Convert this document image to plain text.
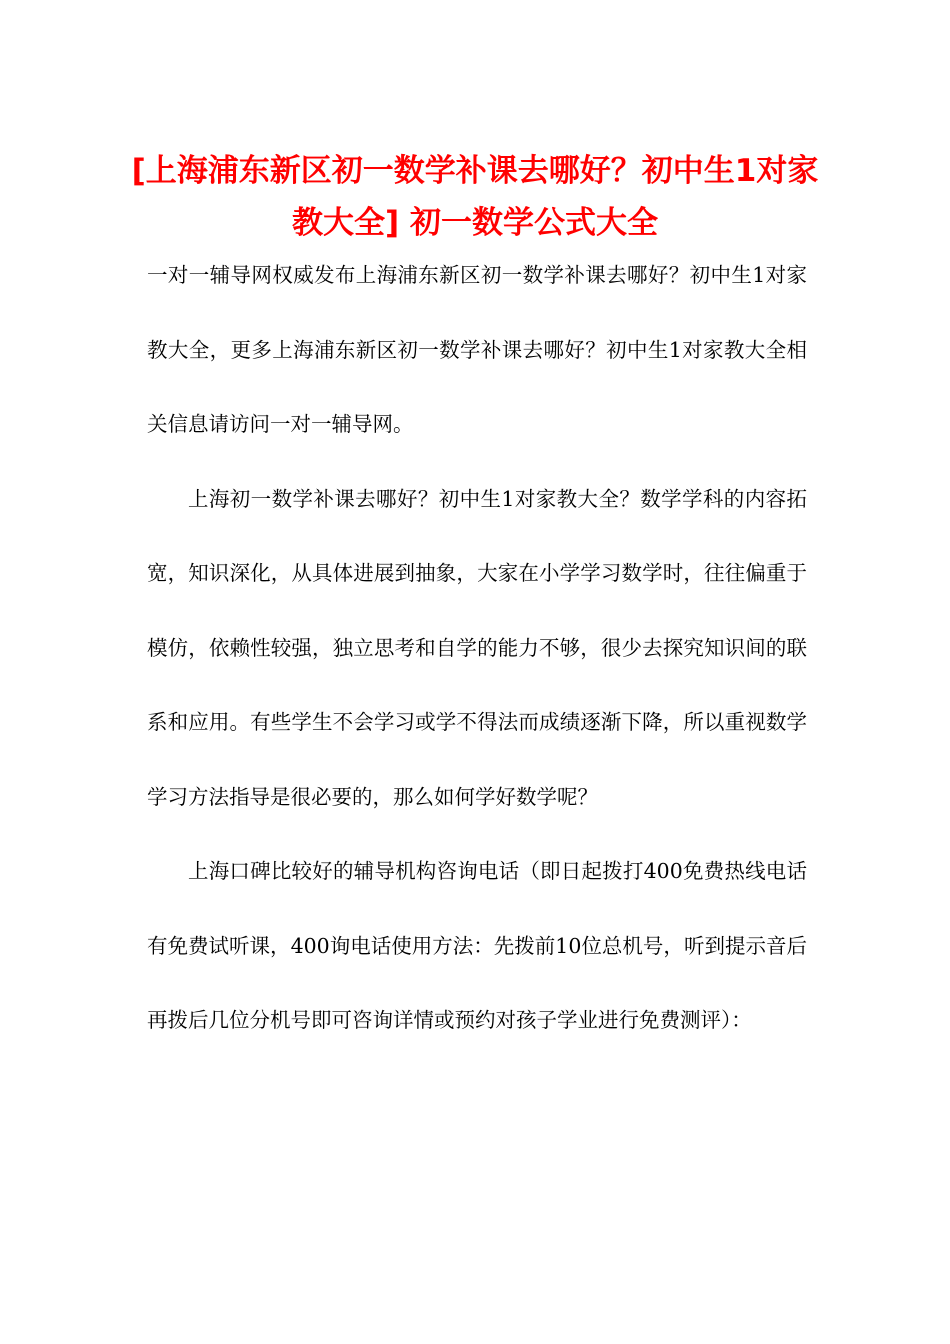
[上海浦东新区初一数学补课去哪好？初中生1对家教大全] 初一数学公式大全

一对一辅导网权威发布上海浦东新区初一数学补课去哪好？初中生1对家教大全，更多上海浦东新区初一数学补课去哪好？初中生1对家教大全相关信息请访问一对一辅导网。

上海初一数学补课去哪好？初中生1对家教大全？数学学科的内容拓宽，知识深化，从具体进展到抽象，大家在小学学习数学时，往往偏重于模仿，依赖性较强，独立思考和自学的能力不够，很少去探究知识间的联系和应用。有些学生不会学习或学不得法而成绩逐渐下降，所以重视数学学习方法指导是很必要的，那么如何学好数学呢？

上海口碑比较好的辅导机构咨询电话（即日起拨打400免费热线电话有免费试听课，400询电话使用方法：先拨前10位总机号，听到提示音后再拨后几位分机号即可咨询详情或预约对孩子学业进行免费测评）：
